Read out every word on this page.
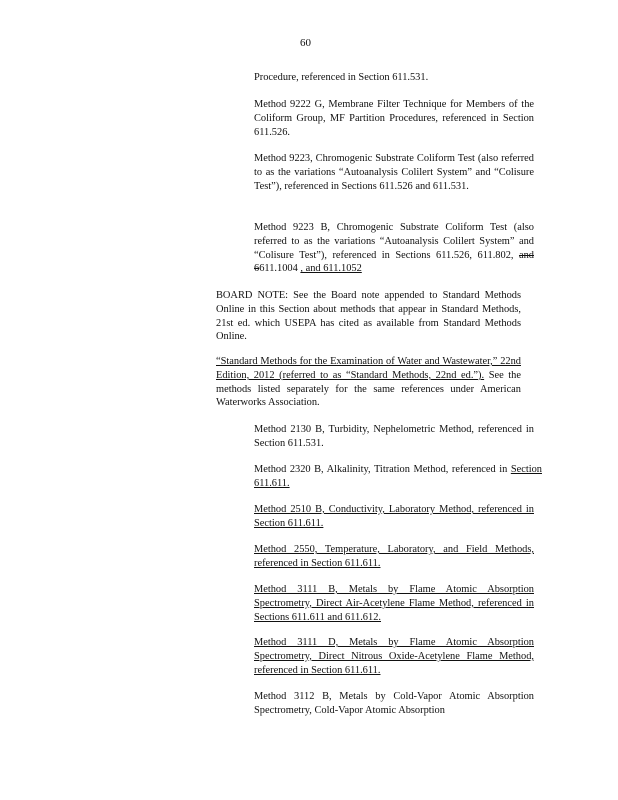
60

Procedure, referenced in Section 611.531.

Method 9222 G, Membrane Filter Technique for Members of the Coliform Group, MF Partition Procedures, referenced in Section 611.526.

Method 9223, Chromogenic Substrate Coliform Test (also referred to as the variations “Autoanalysis Colilert System” and “Colisure Test”), referenced in Sections 611.526 and 611.531.

Method 9223 B, Chromogenic Substrate Coliform Test (also referred to as the variations “Autoanalysis Colilert System” and “Colisure Test”), referenced in Sections 611.526, 611.802, and 6611.1004 , and 611.1052

BOARD NOTE: See the Board note appended to Standard Methods Online in this Section about methods that appear in Standard Methods, 21st ed. which USEPA has cited as available from Standard Methods Online.

“Standard Methods for the Examination of Water and Wastewater,” 22nd Edition, 2012 (referred to as “Standard Methods, 22nd ed.”). See the methods listed separately for the same references under American Waterworks Association.

Method 2130 B, Turbidity, Nephelometric Method, referenced in Section 611.531.

Method 2320 B, Alkalinity, Titration Method, referenced in Section 611.611.

Method 2510 B, Conductivity, Laboratory Method, referenced in Section 611.611.

Method 2550, Temperature, Laboratory, and Field Methods, referenced in Section 611.611.

Method 3111 B, Metals by Flame Atomic Absorption Spectrometry, Direct Air-Acetylene Flame Method, referenced in Sections 611.611 and 611.612.

Method 3111 D, Metals by Flame Atomic Absorption Spectrometry, Direct Nitrous Oxide-Acetylene Flame Method, referenced in Section 611.611.

Method 3112 B, Metals by Cold-Vapor Atomic Absorption Spectrometry, Cold-Vapor Atomic Absorption
